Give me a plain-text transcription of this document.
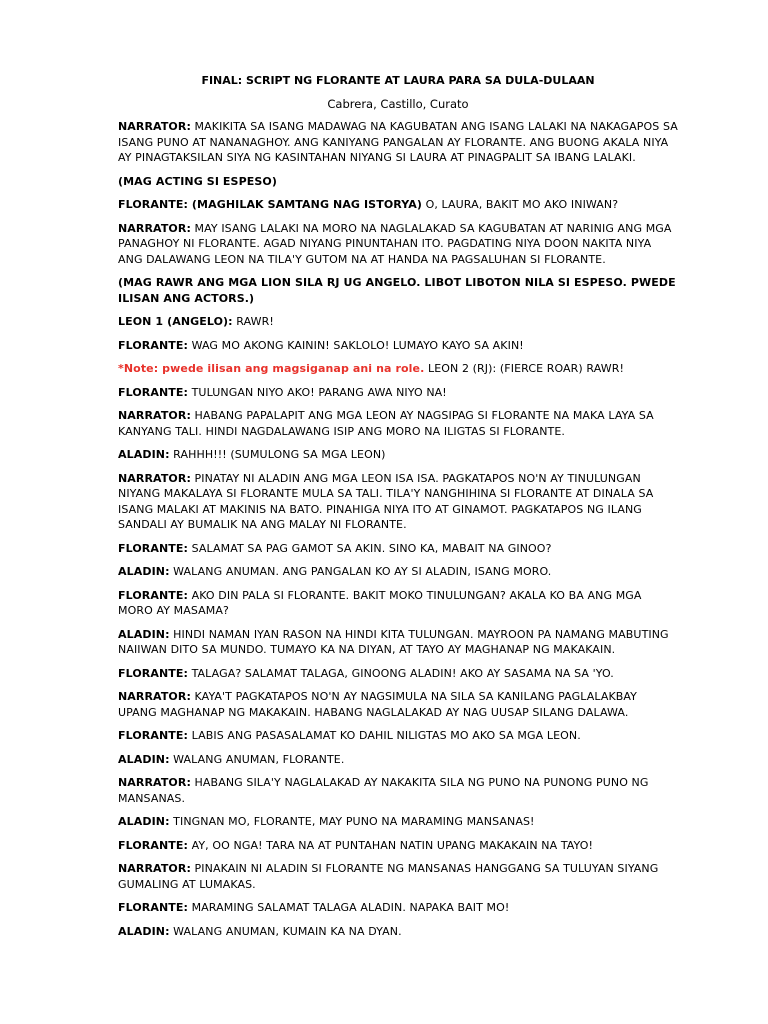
FINAL: SCRIPT NG FLORANTE AT LAURA PARA SA DULA-DULAAN
Cabrera, Castillo, Curato
NARRATOR: MAKIKITA SA ISANG MADAWAG NA KAGUBATAN ANG ISANG LALAKI NA NAKAGAPOS SA ISANG PUNO AT NANANAGHOY. ANG KANIYANG PANGALAN AY FLORANTE. ANG BUONG AKALA NIYA AY PINAGTAKSILAN SIYA NG KASINTAHAN NIYANG SI LAURA AT PINAGPALIT SA IBANG LALAKI.
(MAG ACTING SI ESPESO)
FLORANTE: (MAGHILAK SAMTANG NAG ISTORYA) O, LAURA, BAKIT MO AKO INIWAN?
NARRATOR: MAY ISANG LALAKI NA MORO NA NAGLALAKAD SA KAGUBATAN AT NARINIG ANG MGA PANAGHOY NI FLORANTE. AGAD NIYANG PINUNTAHAN ITO. PAGDATING NIYA DOON NAKITA NIYA ANG DALAWANG LEON NA TILA'Y GUTOM NA AT HANDA NA PAGSALUHAN SI FLORANTE.
(MAG RAWR ANG MGA LION SILA RJ UG ANGELO. LIBOT LIBOTON NILA SI ESPESO. PWEDE ILISAN ANG ACTORS.)
LEON 1 (ANGELO): RAWR!
FLORANTE: WAG MO AKONG KAININ! SAKLOLO! LUMAYO KAYO SA AKIN!
*Note: pwede ilisan ang magsiganap ani na role. LEON 2 (RJ): (FIERCE ROAR) RAWR!
FLORANTE: TULUNGAN NIYO AKO! PARANG AWA NIYO NA!
NARRATOR: HABANG PAPALAPIT ANG MGA LEON AY NAGSIPAG SI FLORANTE NA MAKA LAYA SA KANYANG TALI. HINDI NAGDALAWANG ISIP ANG MORO NA ILIGTAS SI FLORANTE.
ALADIN: RAHHH!!! (SUMULONG SA MGA LEON)
NARRATOR: PINATAY NI ALADIN ANG MGA LEON ISA ISA. PAGKATAPOS NO'N AY TINULUNGAN NIYANG MAKALAYA SI FLORANTE MULA SA TALI. TILA'Y NANGHIHINA SI FLORANTE AT DINALA SA ISANG MALAKI AT MAKINIS NA BATO. PINAHIGA NIYA ITO AT GINAMOT. PAGKATAPOS NG ILANG SANDALI AY BUMALIK NA ANG MALAY NI FLORANTE.
FLORANTE: SALAMAT SA PAG GAMOT SA AKIN. SINO KA, MABAIT NA GINOO?
ALADIN: WALANG ANUMAN. ANG PANGALAN KO AY SI ALADIN, ISANG MORO.
FLORANTE: AKO DIN PALA SI FLORANTE. BAKIT MOKO TINULUNGAN? AKALA KO BA ANG MGA MORO AY MASAMA?
ALADIN: HINDI NAMAN IYAN RASON NA HINDI KITA TULUNGAN. MAYROON PA NAMANG MABUTING NAIIWAN DITO SA MUNDO. TUMAYO KA NA DIYAN, AT TAYO AY MAGHANAP NG MAKAKAIN.
FLORANTE: TALAGA? SALAMAT TALAGA, GINOONG ALADIN! AKO AY SASAMA NA SA 'YO.
NARRATOR: KAYA'T PAGKATAPOS NO'N AY NAGSIMULA NA SILA SA KANILANG PAGLALAKBAY UPANG MAGHANAP NG MAKAKAIN. HABANG NAGLALAKAD AY NAG UUSAP SILANG DALAWA.
FLORANTE: LABIS ANG PASASALAMAT KO DAHIL NILIGTAS MO AKO SA MGA LEON.
ALADIN: WALANG ANUMAN, FLORANTE.
NARRATOR: HABANG SILA'Y NAGLALAKAD AY NAKAKITA SILA NG PUNO NA PUNONG PUNO NG MANSANAS.
ALADIN: TINGNAN MO, FLORANTE, MAY PUNO NA MARAMING MANSANAS!
FLORANTE: AY, OO NGA! TARA NA AT PUNTAHAN NATIN UPANG MAKAKAIN NA TAYO!
NARRATOR: PINAKAIN NI ALADIN SI FLORANTE NG MANSANAS HANGGANG SA TULUYAN SIYANG GUMALING AT LUMAKAS.
FLORANTE: MARAMING SALAMAT TALAGA ALADIN. NAPAKA BAIT MO!
ALADIN: WALANG ANUMAN, KUMAIN KA NA DYAN.
